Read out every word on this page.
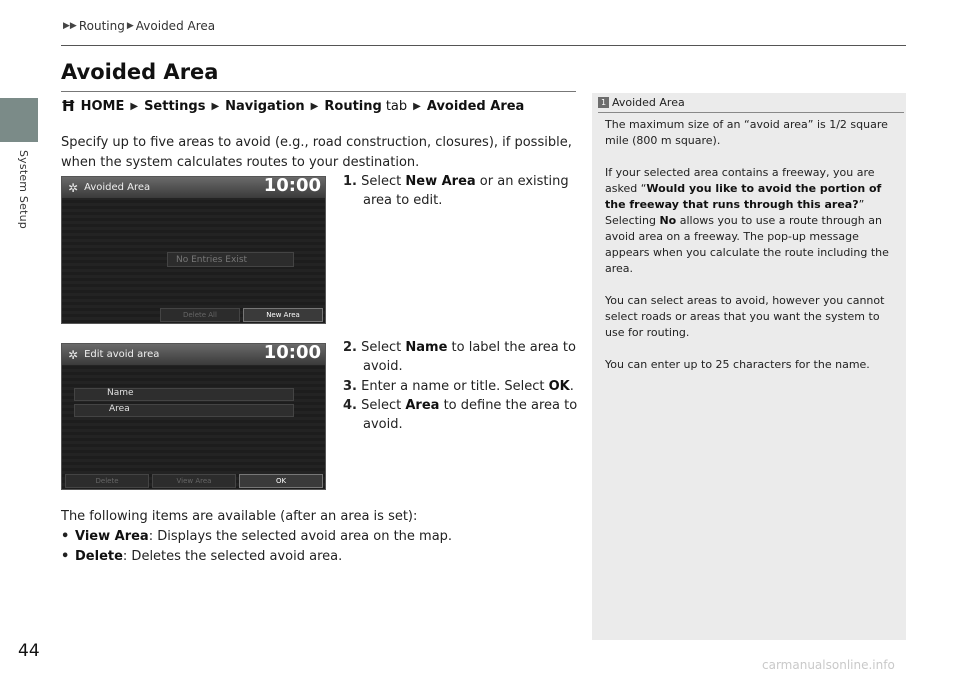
System Setup
▶▶ Routing ▶ Avoided Area
Avoided Area
Ħ HOME ▶ Settings ▶ Navigation ▶ Routing tab ▶ Avoided Area
Specify up to five areas to avoid (e.g., road construction, closures), if possible, when the system calculates routes to your destination.
✲ Avoided Area	10:00
No Entries Exist
Delete All	New Area
✲ Edit avoid area	10:00
Name
Area
Delete	View Area	OK
1. Select New Area or an existing area to edit.
2. Select Name to label the area to avoid.
3. Enter a name or title. Select OK.
4. Select Area to define the area to avoid.
The following items are available (after an area is set):
• View Area: Displays the selected avoid area on the map.
• Delete: Deletes the selected avoid area.
1 Avoided Area

The maximum size of an “avoid area” is 1/2 square mile (800 m square).

If your selected area contains a freeway, you are asked “Would you like to avoid the portion of the freeway that runs through this area?”
Selecting No allows you to use a route through an avoid area on a freeway. The pop-up message appears when you calculate the route including the area.

You can select areas to avoid, however you cannot select roads or areas that you want the system to use for routing.

You can enter up to 25 characters for the name.

44
carmanualsonline.info
